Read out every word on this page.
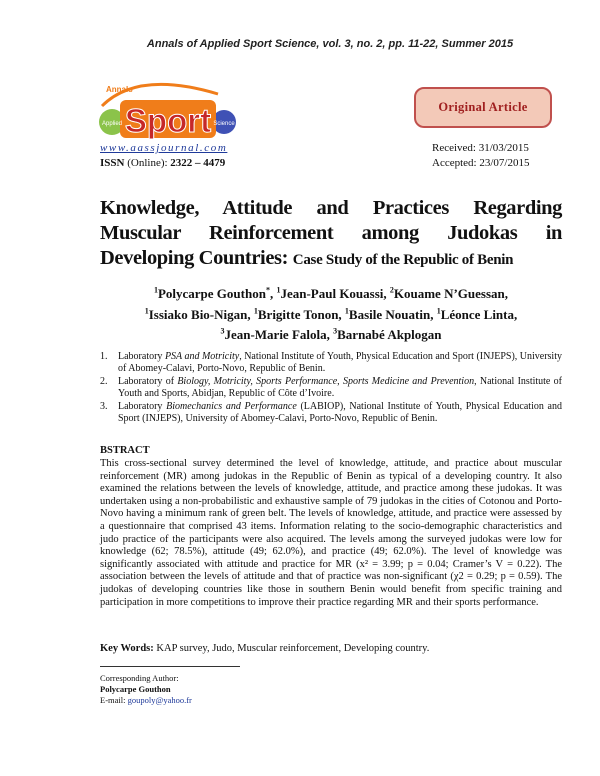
Annals of Applied Sport Science, vol. 3, no. 2, pp. 11-22, Summer 2015
Annals
of
Sport
Applied	Science
Original Article
www.aassjournal.com
ISSN (Online): 2322 – 4479
Received: 31/03/2015
Accepted: 23/07/2015
Knowledge, Attitude and Practices Regarding Muscular Reinforcement among Judokas in Developing Countries: Case Study of the Republic of Benin
$^1$Polycarpe Gouthon*, $^1$Jean-Paul Kouassi, $^2$Kouame N’Guessan,
$^1$Issiako Bio-Nigan, $^1$Brigitte Tonon, $^1$Basile Nouatin, $^1$Léonce Linta,
$^3$Jean-Marie Falola, $^3$Barnabé Akplogan
1. Laboratory PSA and Motricity, National Institute of Youth, Physical Education and Sport (INJEPS), University of Abomey-Calavi, Porto-Novo, Republic of Benin.
2. Laboratory of Biology, Motricity, Sports Performance, Sports Medicine and Prevention, National Institute of Youth and Sports, Abidjan, Republic of Côte d’Ivoire.
3. Laboratory Biomechanics and Performance (LABIOP), National Institute of Youth, Physical Education and Sport (INJEPS), University of Abomey-Calavi, Porto-Novo, Republic of Benin.
BSTRACT
This cross-sectional survey determined the level of knowledge, attitude, and practice about muscular reinforcement (MR) among judokas in the Republic of Benin as typical of a developing country. It also examined the relations between the levels of knowledge, attitude, and practice among these judokas. It was undertaken using a non-probabilistic and exhaustive sample of 79 judokas in the cities of Cotonou and Porto-Novo having a minimum rank of green belt. The levels of knowledge, attitude, and practice were assessed by a questionnaire that comprised 43 items. Information relating to the socio-demographic characteristics and judo practice of the participants were also acquired. The levels among the surveyed judokas were low for knowledge (62; 78.5%), attitude (49; 62.0%), and practice (49; 62.0%). The level of knowledge was significantly associated with attitude and practice for MR (x² = 3.99; p = 0.04; Cramer’s V = 0.22). The association between the levels of attitude and that of practice was non-significant (χ2 = 0.29; p = 0.59). The judokas of developing countries like those in southern Benin would benefit from specific training and participation in more competitions to improve their practice regarding MR and their sports performance.
Key Words: KAP survey, Judo, Muscular reinforcement, Developing country.
Corresponding Author:
Polycarpe Gouthon
E-mail: goupoly@yahoo.fr
